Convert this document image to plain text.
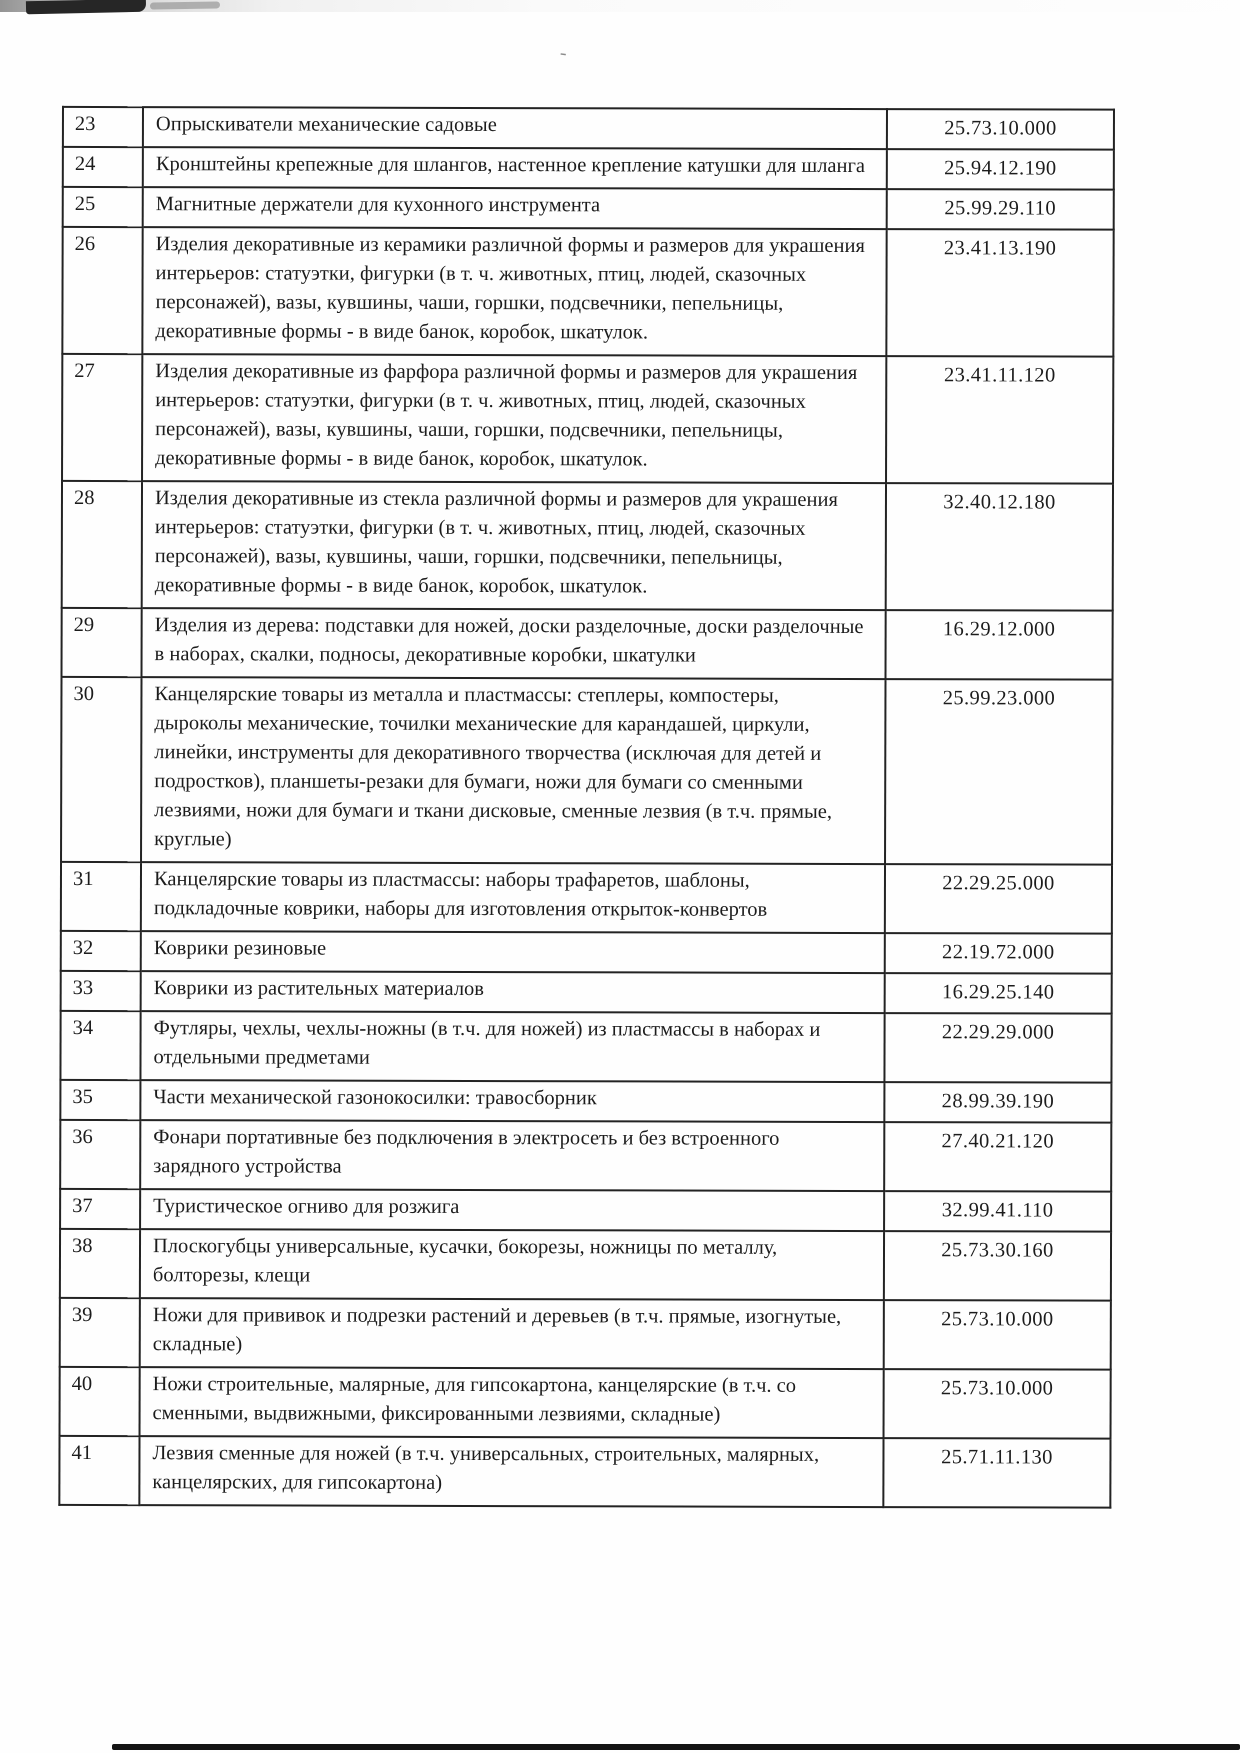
-
23	Опрыскиватели механические садовые	25.73.10.000
24	Кронштейны крепежные для шлангов, настенное крепление катушки для шланга	25.94.12.190
25	Магнитные держатели для кухонного инструмента	25.99.29.110
26	Изделия декоративные из керамики различной формы и размеров для украшения интерьеров: статуэтки, фигурки (в т. ч. животных, птиц, людей, сказочных персонажей), вазы, кувшины, чаши, горшки, подсвечники, пепельницы, декоративные формы - в виде банок, коробок, шкатулок.	23.41.13.190
27	Изделия декоративные из фарфора различной формы и размеров для украшения интерьеров: статуэтки, фигурки (в т. ч. животных, птиц, людей, сказочных персонажей), вазы, кувшины, чаши, горшки, подсвечники, пепельницы, декоративные формы - в виде банок, коробок, шкатулок.	23.41.11.120
28	Изделия декоративные из стекла различной формы и размеров для украшения интерьеров: статуэтки, фигурки (в т. ч. животных, птиц, людей, сказочных персонажей), вазы, кувшины, чаши, горшки, подсвечники, пепельницы, декоративные формы - в виде банок, коробок, шкатулок.	32.40.12.180
29	Изделия из дерева: подставки для ножей, доски разделочные, доски разделочные в наборах, скалки, подносы, декоративные коробки, шкатулки	16.29.12.000
30	Канцелярские товары из металла и пластмассы: степлеры, компостеры, дыроколы механические, точилки механические для карандашей, циркули, линейки, инструменты для декоративного творчества (исключая для детей и подростков), планшеты-резаки для бумаги, ножи для бумаги со сменными лезвиями, ножи для бумаги и ткани дисковые, сменные лезвия (в т.ч. прямые, круглые)	25.99.23.000
31	Канцелярские товары из пластмассы: наборы трафаретов, шаблоны, подкладочные коврики, наборы для изготовления открыток-конвертов	22.29.25.000
32	Коврики резиновые	22.19.72.000
33	Коврики из растительных материалов	16.29.25.140
34	Футляры, чехлы, чехлы-ножны (в т.ч. для ножей) из пластмассы в наборах и отдельными предметами	22.29.29.000
35	Части механической газонокосилки: травосборник	28.99.39.190
36	Фонари портативные без подключения в электросеть и без встроенного зарядного устройства	27.40.21.120
37	Туристическое огниво для розжига	32.99.41.110
38	Плоскогубцы универсальные, кусачки, бокорезы, ножницы по металлу, болторезы, клещи	25.73.30.160
39	Ножи для прививок и подрезки растений и деревьев (в т.ч. прямые, изогнутые, складные)	25.73.10.000
40	Ножи строительные, малярные, для гипсокартона, канцелярские (в т.ч. со сменными, выдвижными, фиксированными лезвиями, складные)	25.73.10.000
41	Лезвия сменные для ножей (в т.ч. универсальных, строительных, малярных, канцелярских, для гипсокартона)	25.71.11.130
